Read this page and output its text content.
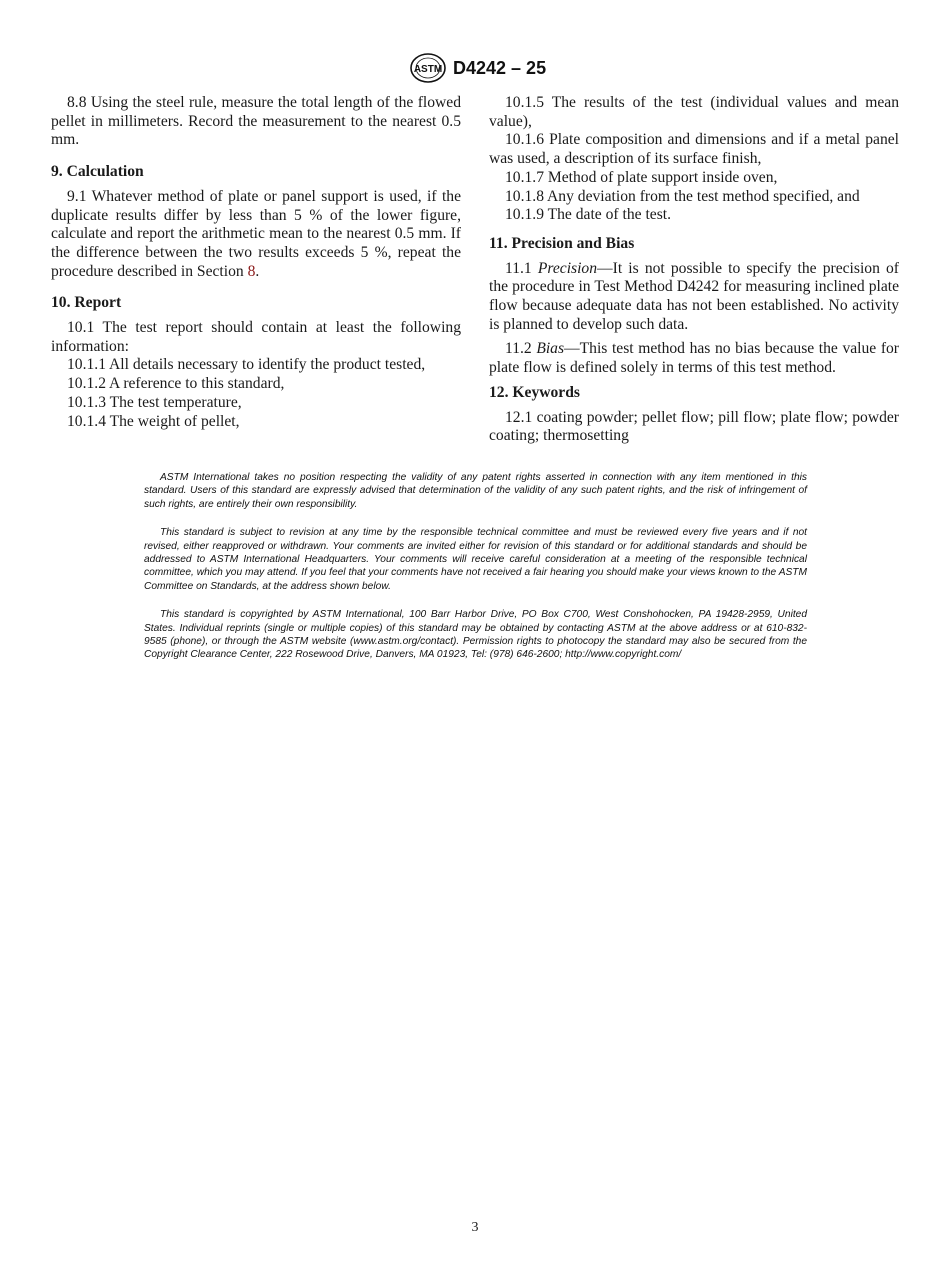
ASTM D4242 – 25

8.8 Using the steel rule, measure the total length of the flowed pellet in millimeters. Record the measurement to the nearest 0.5 mm.

9. Calculation

9.1 Whatever method of plate or panel support is used, if the duplicate results differ by less than 5 % of the lower figure, calculate and report the arithmetic mean to the nearest 0.5 mm. If the difference between the two results exceeds 5 %, repeat the procedure described in Section 8.

10. Report

10.1 The test report should contain at least the following information:

10.1.1 All details necessary to identify the product tested,

10.1.2 A reference to this standard,

10.1.3 The test temperature,

10.1.4 The weight of pellet,

10.1.5 The results of the test (individual values and mean value),

10.1.6 Plate composition and dimensions and if a metal panel was used, a description of its surface finish,

10.1.7 Method of plate support inside oven,

10.1.8 Any deviation from the test method specified, and

10.1.9 The date of the test.

11. Precision and Bias

11.1 Precision—It is not possible to specify the precision of the procedure in Test Method D4242 for measuring inclined plate flow because adequate data has not been established. No activity is planned to develop such data.

11.2 Bias—This test method has no bias because the value for plate flow is defined solely in terms of this test method.

12. Keywords

12.1 coating powder; pellet flow; pill flow; plate flow; powder coating; thermosetting

ASTM International takes no position respecting the validity of any patent rights asserted in connection with any item mentioned in this standard. Users of this standard are expressly advised that determination of the validity of any such patent rights, and the risk of infringement of such rights, are entirely their own responsibility.

This standard is subject to revision at any time by the responsible technical committee and must be reviewed every five years and if not revised, either reapproved or withdrawn. Your comments are invited either for revision of this standard or for additional standards and should be addressed to ASTM International Headquarters. Your comments will receive careful consideration at a meeting of the responsible technical committee, which you may attend. If you feel that your comments have not received a fair hearing you should make your views known to the ASTM Committee on Standards, at the address shown below.

This standard is copyrighted by ASTM International, 100 Barr Harbor Drive, PO Box C700, West Conshohocken, PA 19428-2959, United States. Individual reprints (single or multiple copies) of this standard may be obtained by contacting ASTM at the above address or at 610-832-9585 (phone), or through the ASTM website (www.astm.org/contact). Permission rights to photocopy the standard may also be secured from the Copyright Clearance Center, 222 Rosewood Drive, Danvers, MA 01923, Tel: (978) 646-2600; http://www.copyright.com/

3
